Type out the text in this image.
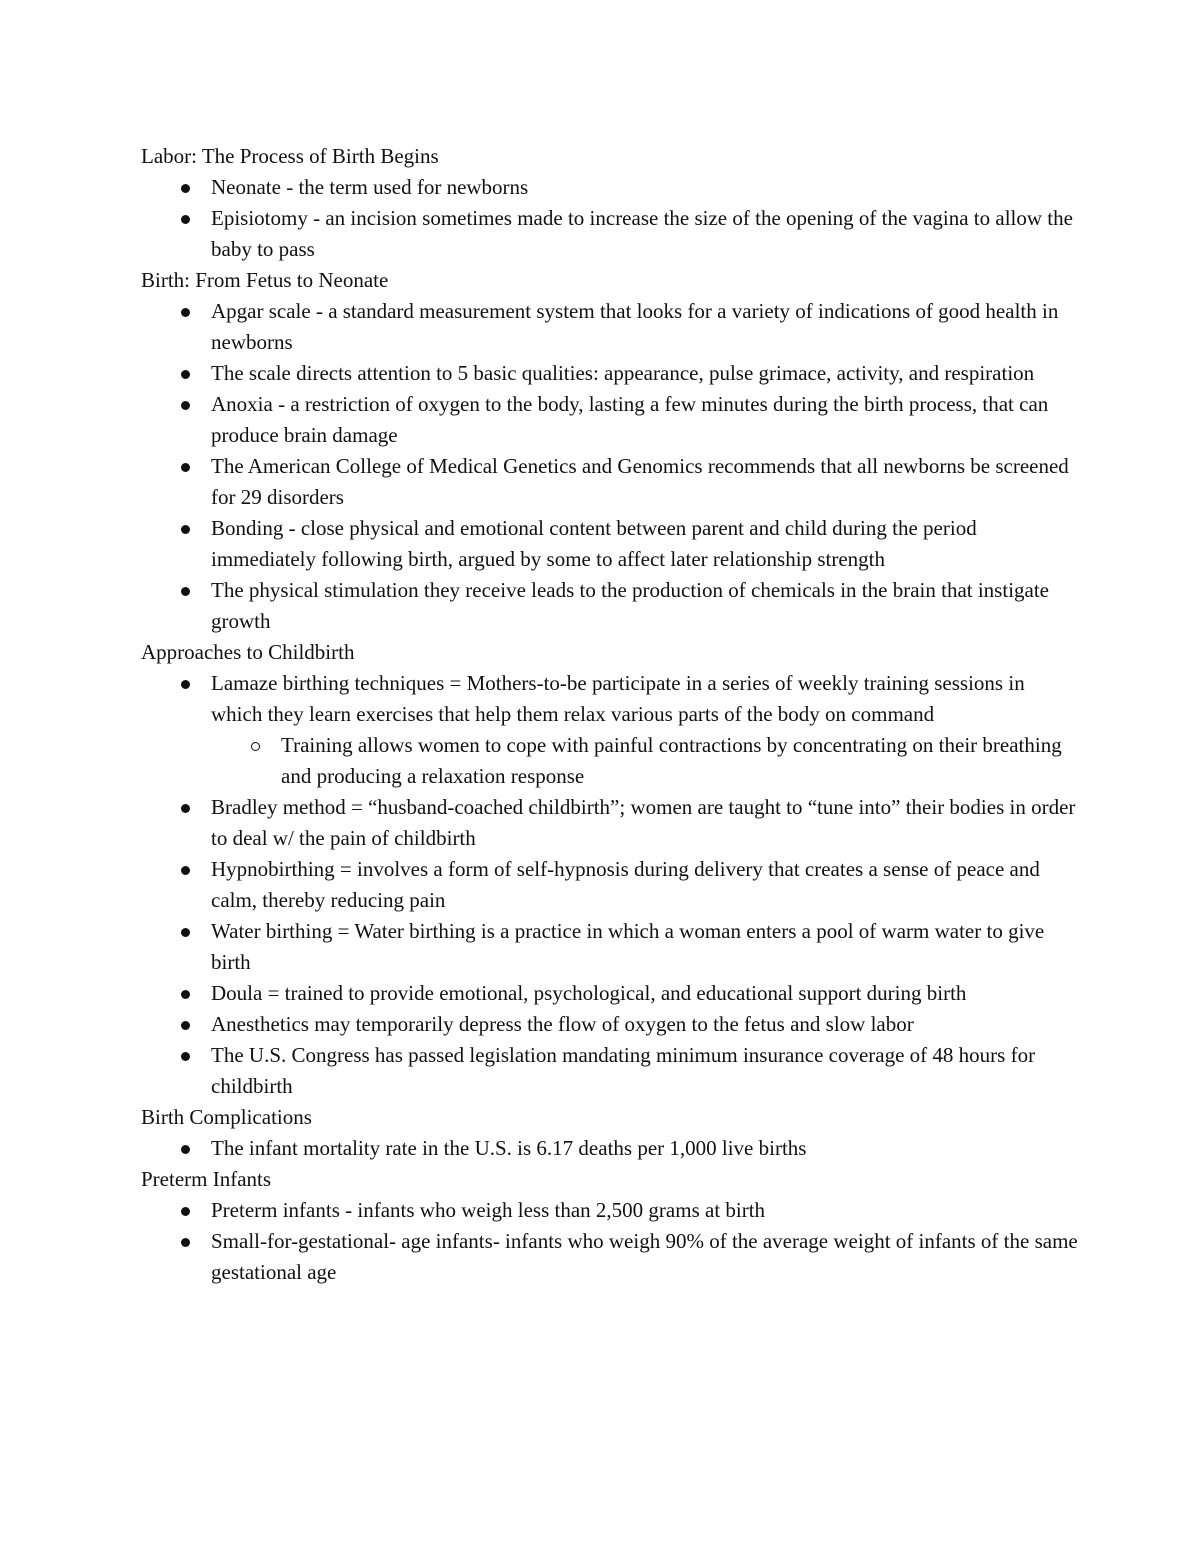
Labor: The Process of Birth Begins

Neonate - the term used for newborns
Episiotomy - an incision sometimes made to increase the size of the opening of the vagina to allow the baby to pass

Birth: From Fetus to Neonate

Apgar scale - a standard measurement system that looks for a variety of indications of good health in newborns
The scale directs attention to 5 basic qualities: appearance, pulse grimace, activity, and respiration
Anoxia - a restriction of oxygen to the body, lasting a few minutes during the birth process, that can produce brain damage
The American College of Medical Genetics and Genomics recommends that all newborns be screened for 29 disorders
Bonding - close physical and emotional content between parent and child during the period immediately following birth, argued by some to affect later relationship strength
The physical stimulation they receive leads to the production of chemicals in the brain that instigate growth

Approaches to Childbirth

Lamaze birthing techniques = Mothers-to-be participate in a series of weekly training sessions in which they learn exercises that help them relax various parts of the body on command
Training allows women to cope with painful contractions by concentrating on their breathing and producing a relaxation response
Bradley method = “husband-coached childbirth”; women are taught to “tune into” their bodies in order to deal w/ the pain of childbirth
Hypnobirthing = involves a form of self-hypnosis during delivery that creates a sense of peace and calm, thereby reducing pain
Water birthing = Water birthing is a practice in which a woman enters a pool of warm water to give birth
Doula = trained to provide emotional, psychological, and educational support during birth
Anesthetics may temporarily depress the flow of oxygen to the fetus and slow labor
The U.S. Congress has passed legislation mandating minimum insurance coverage of 48 hours for childbirth

Birth Complications

The infant mortality rate in the U.S. is 6.17 deaths per 1,000 live births

Preterm Infants

Preterm infants - infants who weigh less than 2,500 grams at birth
Small-for-gestational- age infants- infants who weigh 90% of the average weight of infants of the same gestational age
